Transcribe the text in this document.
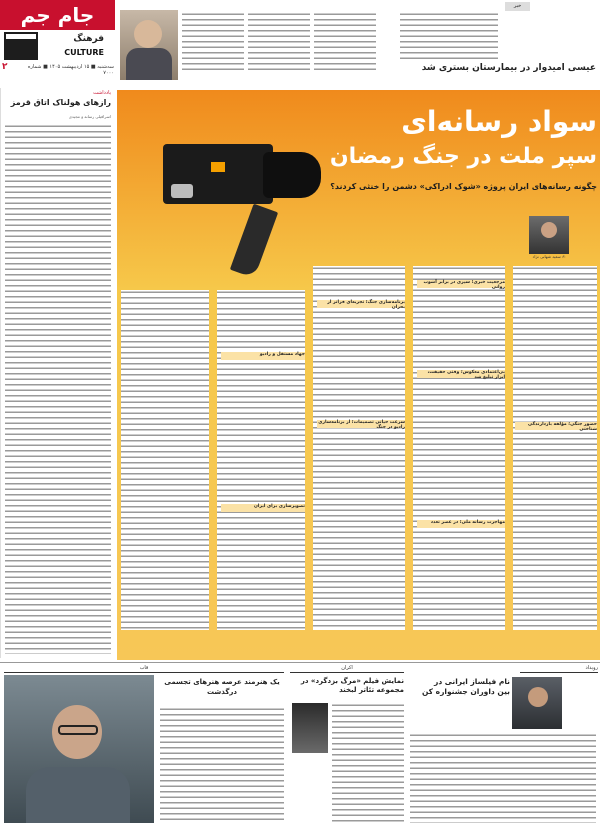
جام جم
فرهنگ
CULTURE
۲	سه‌شنبه ■ ۱۵ اردیبهشت ۱۴۰۵ ■ شماره ۷۰۰۰
خبر
عیسی امیدوار در بیمارستان بستری شد
یادداشت
رازهای هولناک اتاق قرمز
اسرافیلی رسانه و مجیدی	سواد رسانه‌ای
سپر ملت در جنگ رمضان
چگونه رسانه‌های ایران پروژه «شوک ادراکی» دشمن را خنثی کردند؟
✍ سعید شهابی نژاد
مرجعیت خبری؛ سپری در برابر آشوب روانی
بی‌اعتمادی معکوس؛ وقتی حقیقت، ابزار تبلیغ شد
برنامه‌سازی جنگ؛ تجربه‌ای فراتر از بحران
سرعت حیاتی تصمیمات؛ از برنامه‌سازی رادیو در جنگ
حضور جنگی؛ مؤلفه بازدارندگی شناختی
مهاجرت رسانه ملی؛ در عصر تعدد
جهاد مستقل و رادیو
تصویرسازی برای ایران
رویداد
نام فیلساز ایرانی در بین داوران جشنواره کن
اکران
نمایش فیلم «مرگ بزدگرد» در مجموعه تئاتر لبخند
قاب
یک هنرمند عرصه هنرهای تجسمی درگذشت
